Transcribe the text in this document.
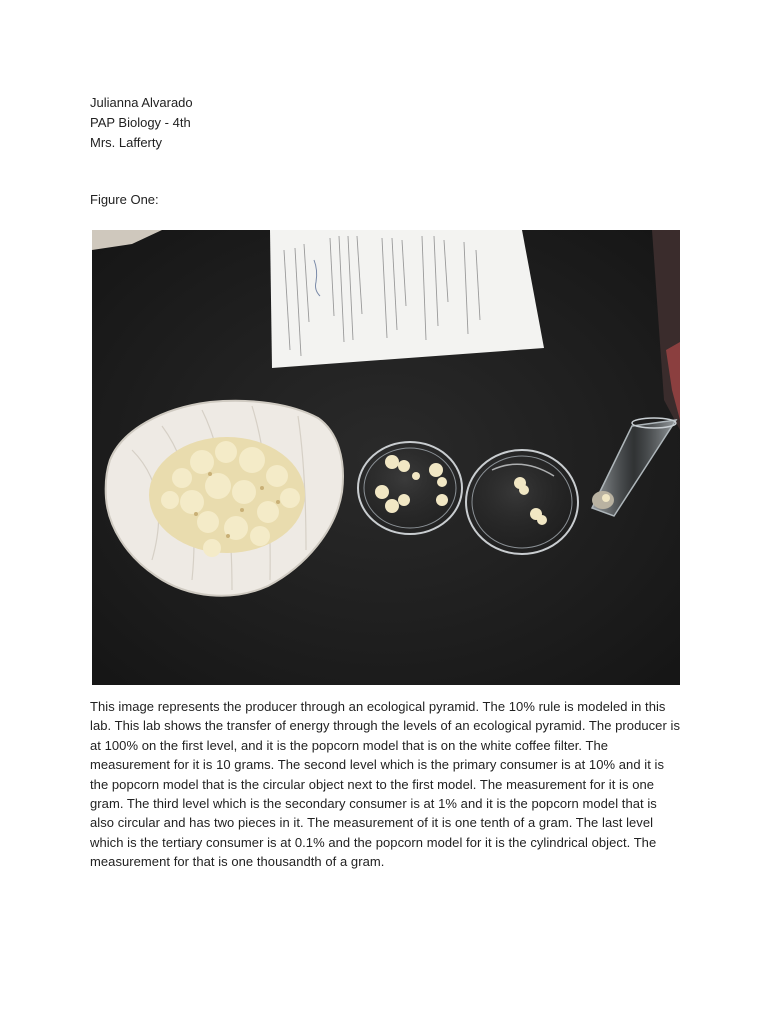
Julianna Alvarado
PAP Biology - 4th
Mrs. Lafferty
Figure One:
This image represents the producer through an ecological pyramid. The 10% rule is modeled in this lab. This lab shows the transfer of energy through the levels of an ecological pyramid. The producer is at 100% on the first level, and it is the popcorn model that is on the white coffee filter. The measurement for it is 10 grams. The second level which is the primary consumer is at 10% and it is the popcorn model that is the circular object next to the first model. The measurement for it is one gram. The third level which is the secondary consumer is at 1% and it is the popcorn model that is also circular and has two pieces in it. The measurement of it is one tenth of a gram. The last level which is the tertiary consumer is at 0.1% and the popcorn model for it is the cylindrical object. The measurement for that is one thousandth of a gram.
